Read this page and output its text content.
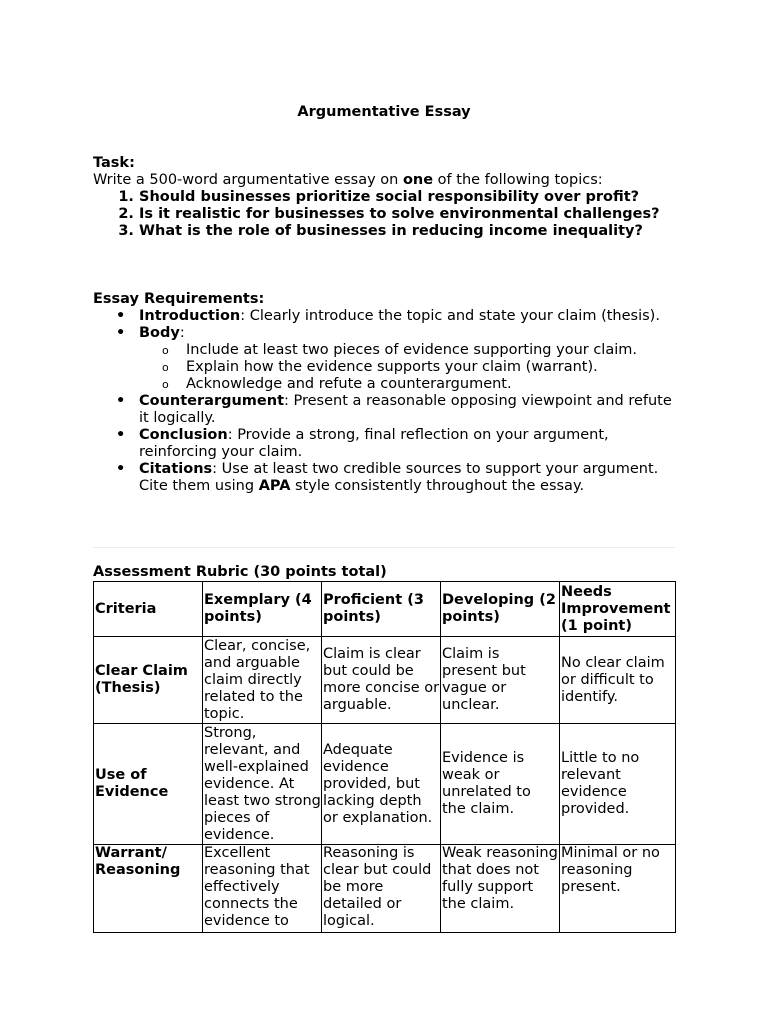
Argumentative Essay
Task:
Write a 500-word argumentative essay on one of the following topics:
1. Should businesses prioritize social responsibility over profit?
2. Is it realistic for businesses to solve environmental challenges?
3. What is the role of businesses in reducing income inequality?
Essay Requirements:
• Introduction: Clearly introduce the topic and state your claim (thesis).
• Body:
o Include at least two pieces of evidence supporting your claim.
o Explain how the evidence supports your claim (warrant).
o Acknowledge and refute a counterargument.
• Counterargument: Present a reasonable opposing viewpoint and refute it logically.
• Conclusion: Provide a strong, final reflection on your argument, reinforcing your claim.
• Citations: Use at least two credible sources to support your argument. Cite them using APA style consistently throughout the essay.
Assessment Rubric (30 points total)
Criteria	Exemplary (4 points)	Proficient (3 points)	Developing (2 points)	Needs Improvement (1 point)
Clear Claim (Thesis)	Clear, concise, and arguable claim directly related to the topic.	Claim is clear but could be more concise or arguable.	Claim is present but vague or unclear.	No clear claim or difficult to identify.
Use of Evidence	Strong, relevant, and well-explained evidence. At least two strong pieces of evidence.	Adequate evidence provided, but lacking depth or explanation.	Evidence is weak or unrelated to the claim.	Little to no relevant evidence provided.
Warrant/ Reasoning	Excellent reasoning that effectively connects the evidence to	Reasoning is clear but could be more detailed or logical.	Weak reasoning that does not fully support the claim.	Minimal or no reasoning present.
